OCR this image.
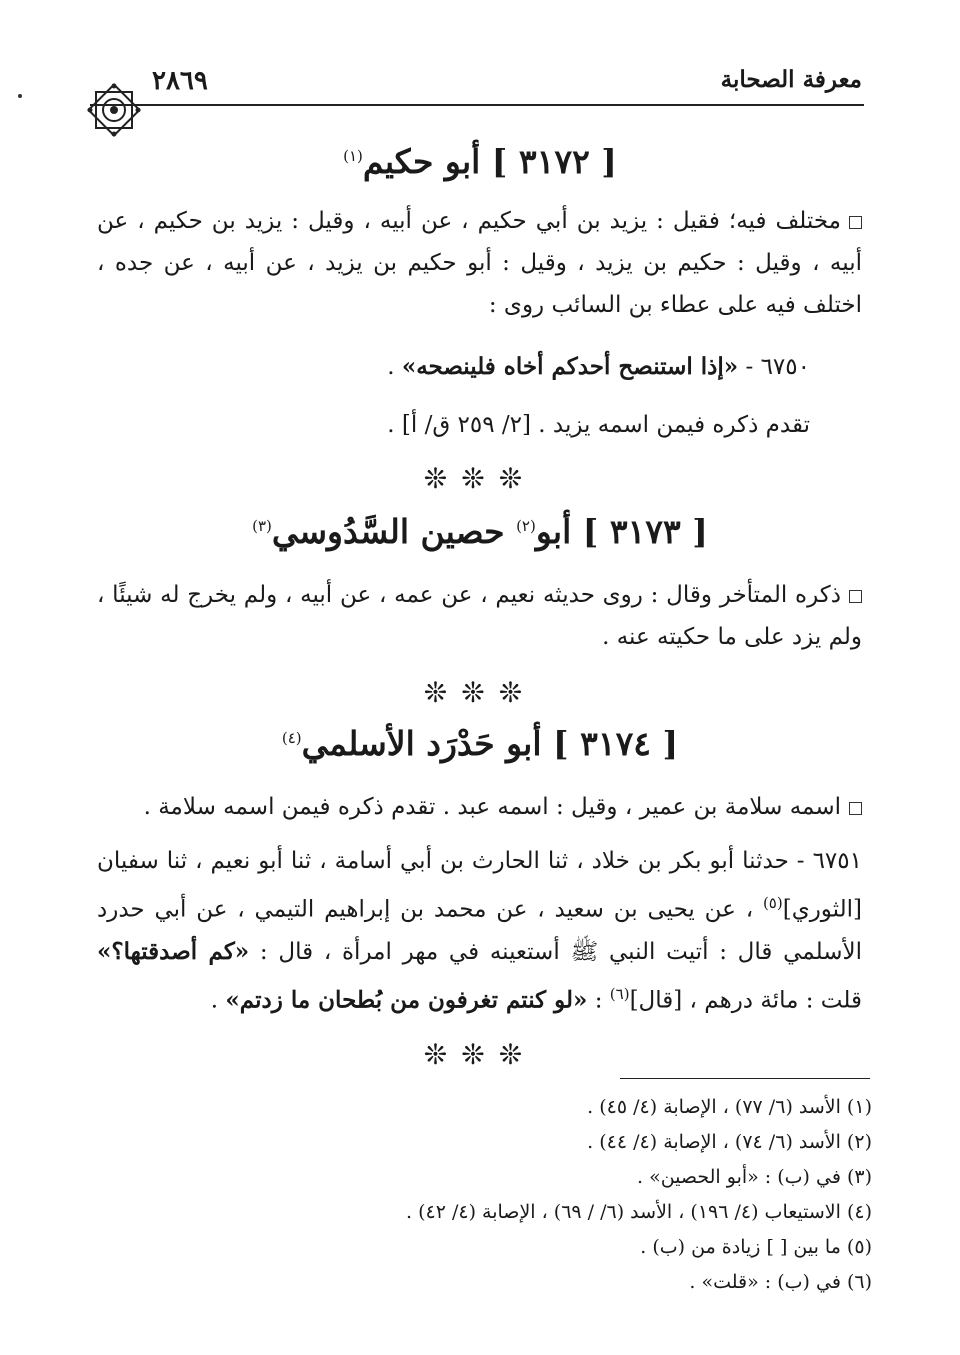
معرفة الصحابة
٢٨٦٩
[ ٣١٧٢ ] أبو حكيم$^{(١)}$
مختلف فيه؛ فقيل : يزيد بن أبي حكيم ، عن أبيه ، وقيل : يزيد بن حكيم ، عن أبيه ، وقيل : حكيم بن يزيد ، وقيل : أبو حكيم بن يزيد ، عن أبيه ، عن جده ، اختلف فيه على عطاء بن السائب روى :
٦٧٥٠ - «إذا استنصح أحدكم أخاه فلينصحه» .
تقدم ذكره فيمن اسمه يزيد . [٢/ ٢٥٩ ق/ أ] .
❊❊❊
[ ٣١٧٣ ] أبو$^{(٢)}$ حصين السَّدُوسي$^{(٣)}$
ذكره المتأخر وقال : روى حديثه نعيم ، عن عمه ، عن أبيه ، ولم يخرج له شيئًا ، ولم يزد على ما حكيته عنه .
❊❊❊
[ ٣١٧٤ ] أبو حَدْرَد الأسلمي$^{(٤)}$
اسمه سلامة بن عمير ، وقيل : اسمه عبد . تقدم ذكره فيمن اسمه سلامة .
٦٧٥١ - حدثنا أبو بكر بن خلاد ، ثنا الحارث بن أبي أسامة ، ثنا أبو نعيم ، ثنا سفيان [الثوري]$^{(٥)}$ ، عن يحيى بن سعيد ، عن محمد بن إبراهيم التيمي ، عن أبي حدرد الأسلمي قال : أتيت النبي ﷺ أستعينه في مهر امرأة ، قال : «كم أصدقتها؟» قلت : مائة درهم ، [قال]$^{(٦)}$ : «لو كنتم تغرفون من بُطحان ما زدتم» .
❊❊❊
(١) الأسد (٦/ ٧٧) ، الإصابة (٤/ ٤٥) .
(٢) الأسد (٦/ ٧٤) ، الإصابة (٤/ ٤٤) .
(٣) في (ب) : «أبو الحصين» .
(٤) الاستيعاب (٤/ ١٩٦) ، الأسد (٦/ / ٦٩) ، الإصابة (٤/ ٤٢) .
(٥) ما بين [ ] زيادة من (ب) .
(٦) في (ب) : «قلت» .
